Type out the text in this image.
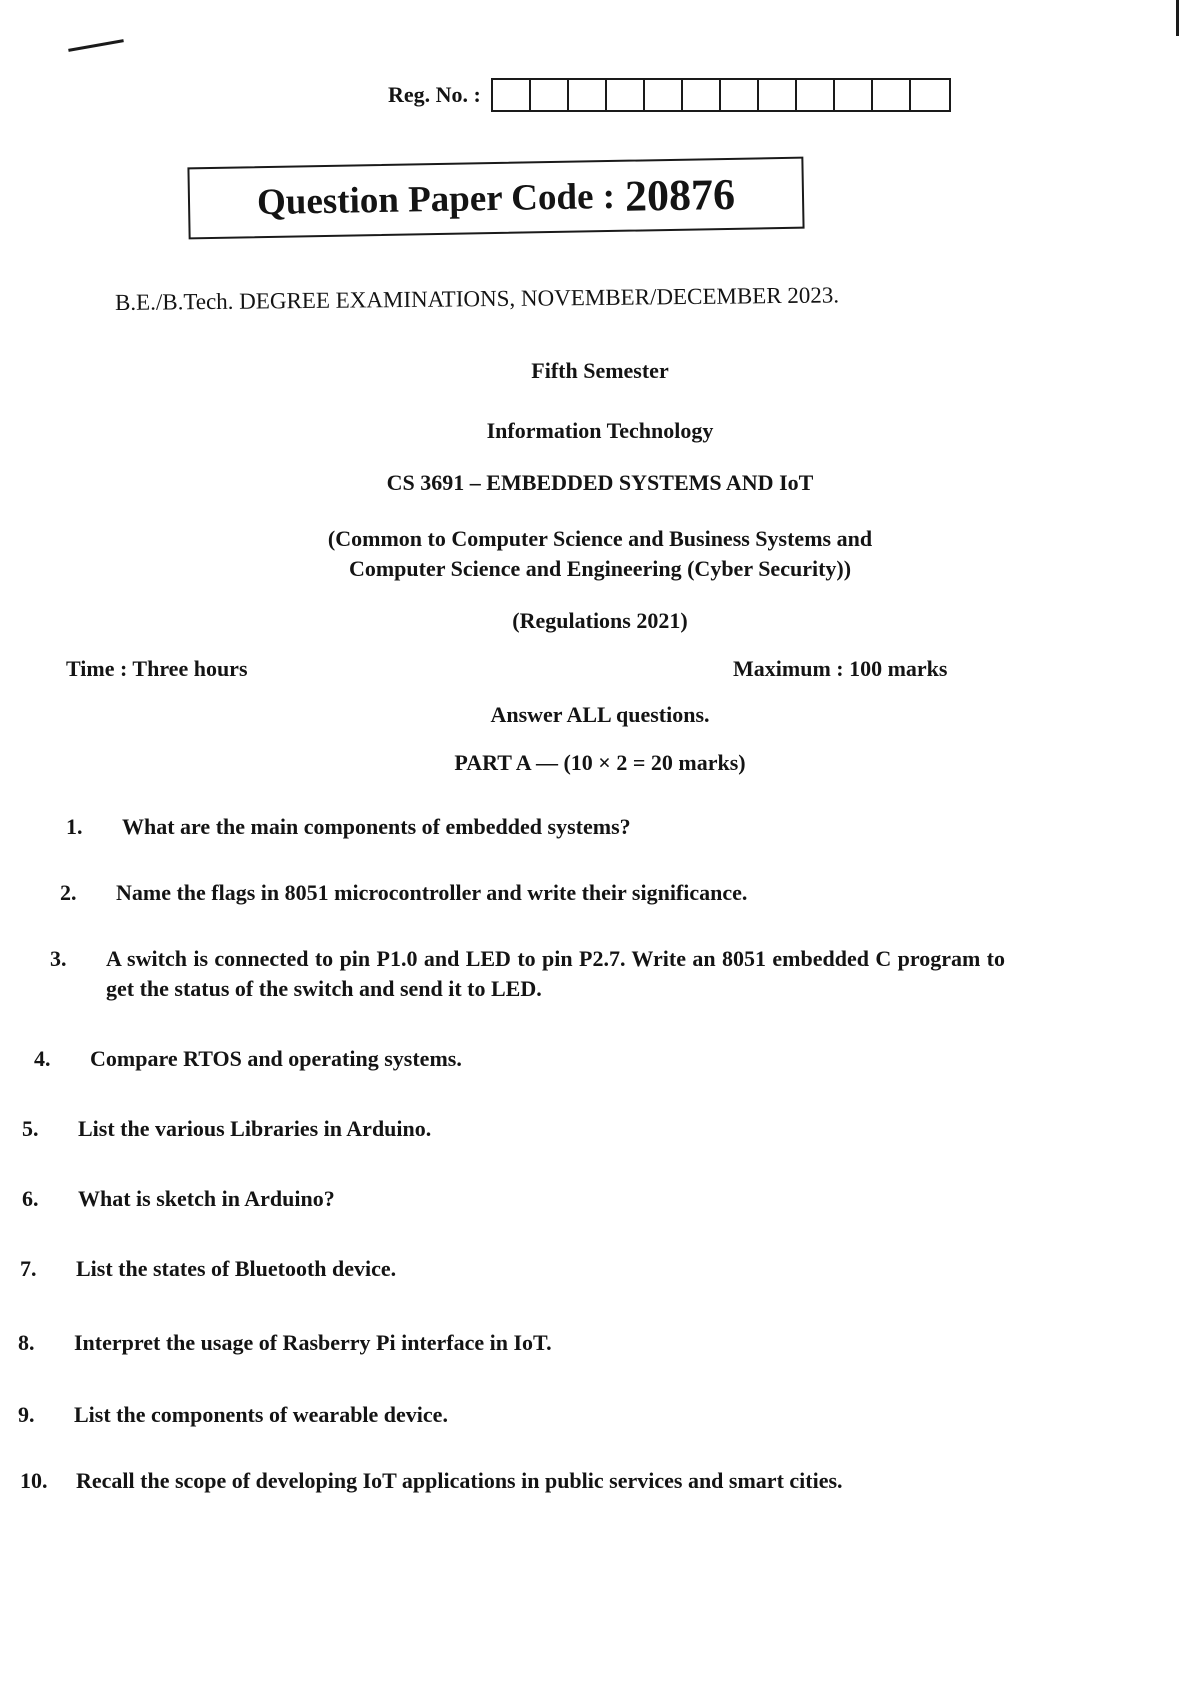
Reg. No. :
Question Paper Code : 20876
B.E./B.Tech. DEGREE EXAMINATIONS, NOVEMBER/DECEMBER 2023.
Fifth Semester
Information Technology
CS 3691 – EMBEDDED SYSTEMS AND IoT
(Common to Computer Science and Business Systems and
Computer Science and Engineering (Cyber Security))
(Regulations 2021)
Time : Three hours	Maximum : 100 marks
Answer ALL questions.
PART A — (10 × 2 = 20 marks)
1.	What are the main components of embedded systems?
2.	Name the flags in 8051 microcontroller and write their significance.
3.	A switch is connected to pin P1.0 and LED to pin P2.7. Write an 8051 embedded C program to get the status of the switch and send it to LED.
4.	Compare RTOS and operating systems.
5.	List the various Libraries in Arduino.
6.	What is sketch in Arduino?
7.	List the states of Bluetooth device.
8.	Interpret the usage of Rasberry Pi interface in IoT.
9.	List the components of wearable device.
10.	Recall the scope of developing IoT applications in public services and smart cities.
